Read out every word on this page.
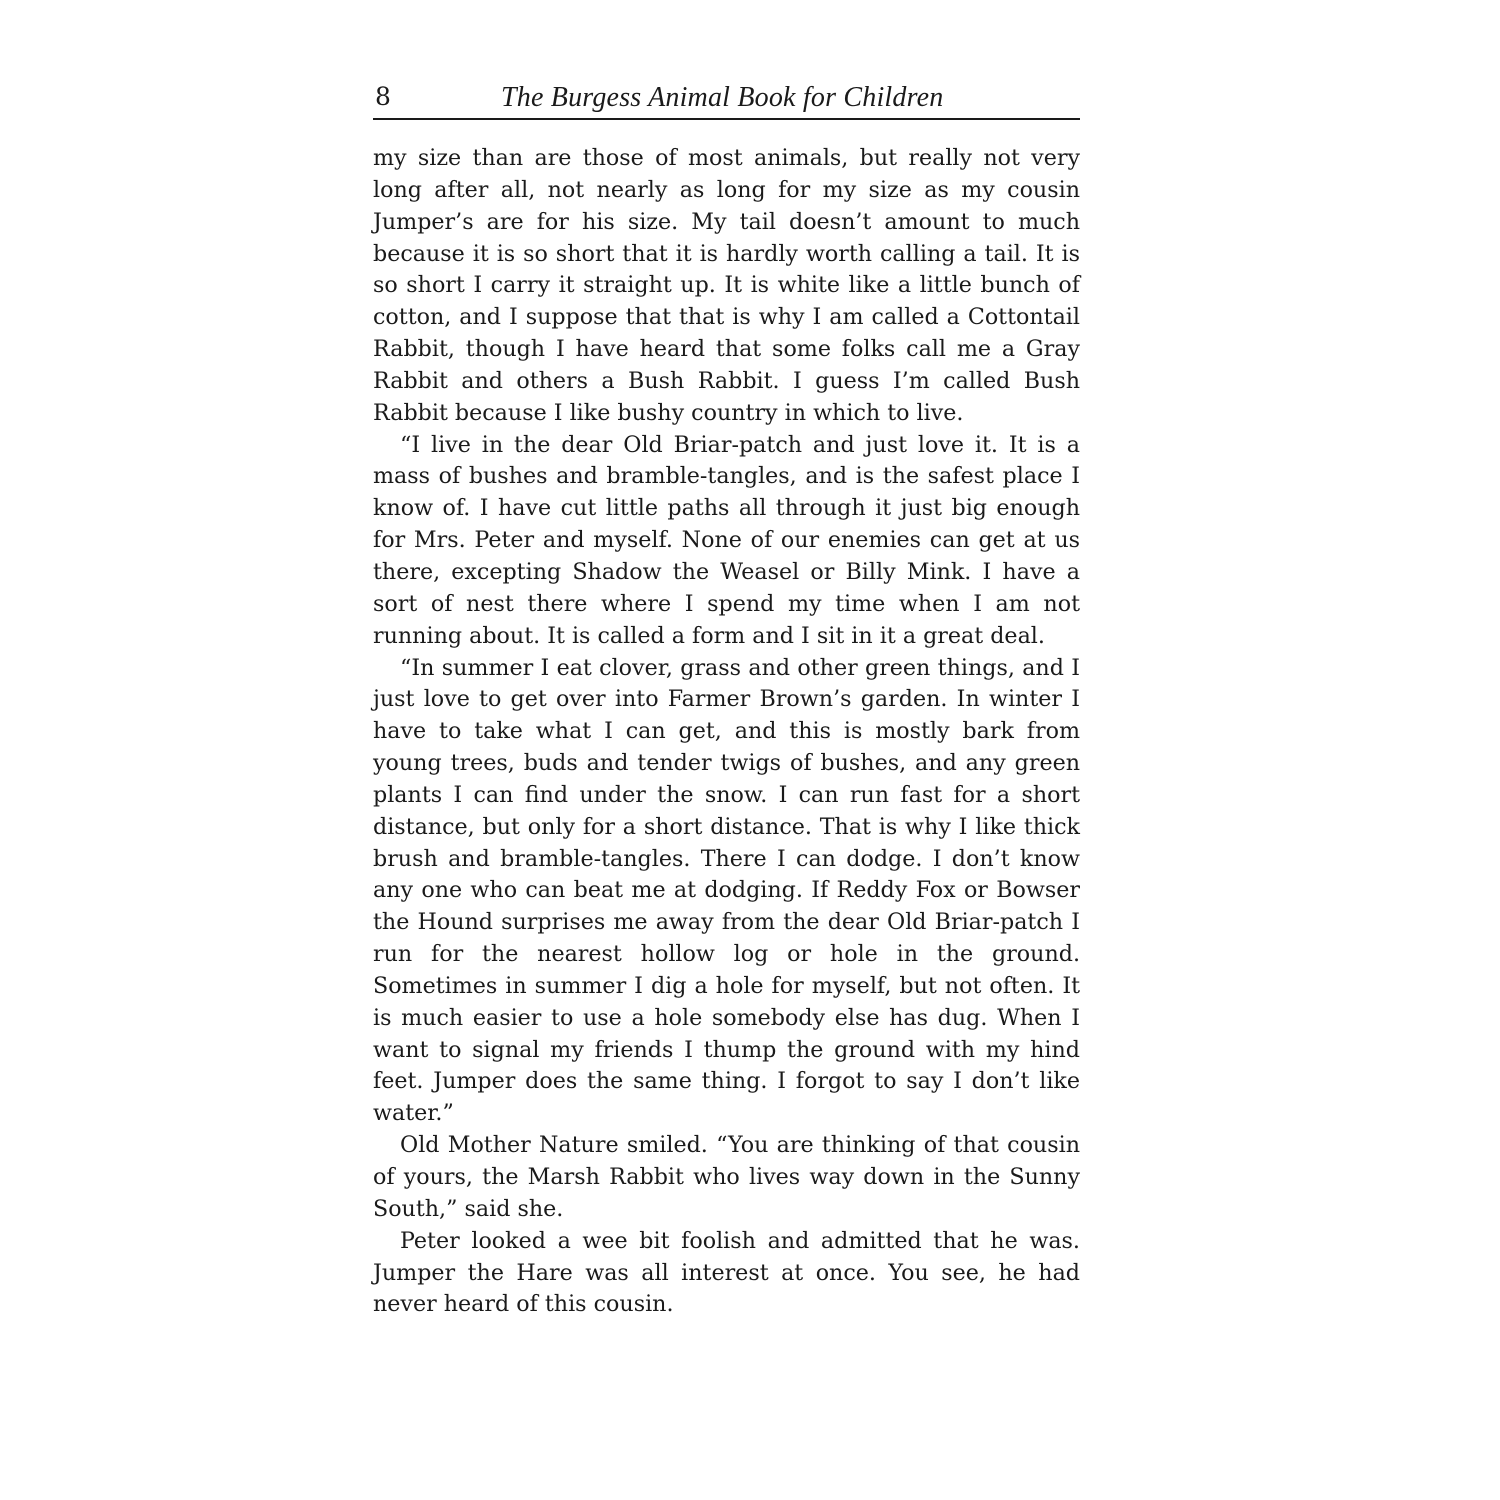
8	The Burgess Animal Book for Children

my size than are those of most animals, but really not very long after all, not nearly as long for my size as my cousin Jumper’s are for his size. My tail doesn’t amount to much because it is so short that it is hardly worth calling a tail. It is so short I carry it straight up. It is white like a little bunch of cotton, and I suppose that that is why I am called a Cottontail Rabbit, though I have heard that some folks call me a Gray Rabbit and others a Bush Rabbit. I guess I’m called Bush Rabbit because I like bushy country in which to live.

“I live in the dear Old Briar-patch and just love it. It is a mass of bushes and bramble-tangles, and is the safest place I know of. I have cut little paths all through it just big enough for Mrs. Peter and myself. None of our enemies can get at us there, excepting Shadow the Weasel or Billy Mink. I have a sort of nest there where I spend my time when I am not running about. It is called a form and I sit in it a great deal.

“In summer I eat clover, grass and other green things, and I just love to get over into Farmer Brown’s garden. In winter I have to take what I can get, and this is mostly bark from young trees, buds and tender twigs of bushes, and any green plants I can find under the snow. I can run fast for a short distance, but only for a short distance. That is why I like thick brush and bramble-tangles. There I can dodge. I don’t know any one who can beat me at dodging. If Reddy Fox or Bowser the Hound surprises me away from the dear Old Briar-patch I run for the nearest hollow log or hole in the ground. Sometimes in summer I dig a hole for myself, but not often. It is much easier to use a hole somebody else has dug. When I want to signal my friends I thump the ground with my hind feet. Jumper does the same thing. I forgot to say I don’t like water.”

Old Mother Nature smiled. “You are thinking of that cousin of yours, the Marsh Rabbit who lives way down in the Sunny South,” said she.

Peter looked a wee bit foolish and admitted that he was. Jumper the Hare was all interest at once. You see, he had never heard of this cousin.
